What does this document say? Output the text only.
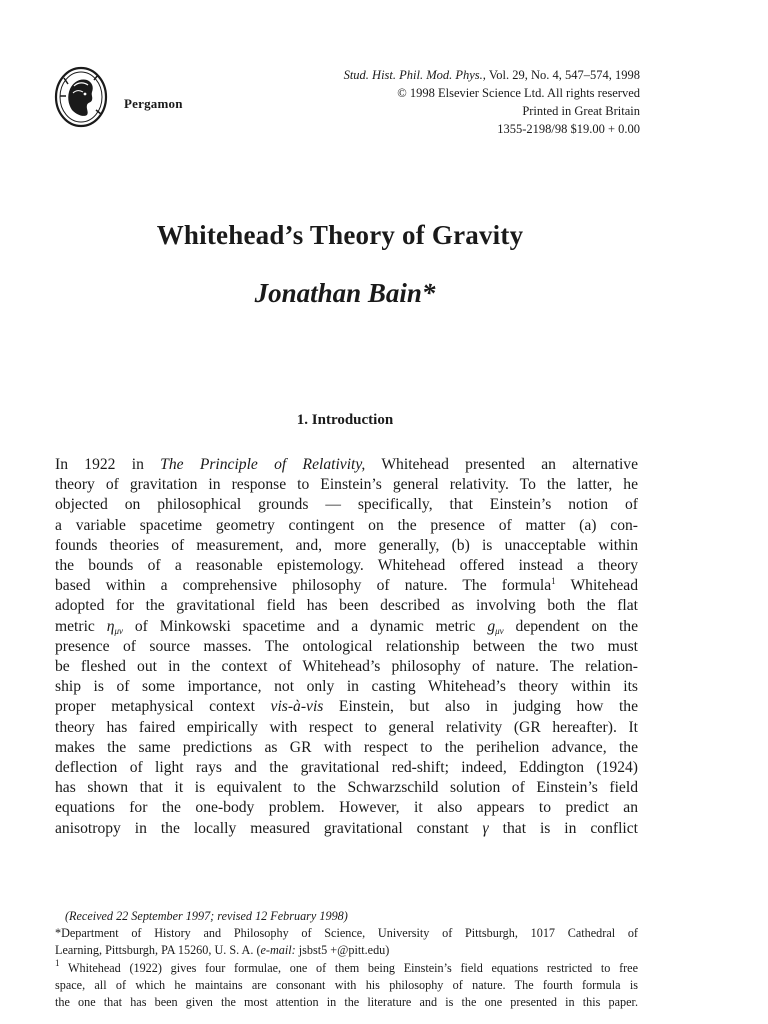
Pergamon
Stud. Hist. Phil. Mod. Phys., Vol. 29, No. 4, 547–574, 1998
© 1998 Elsevier Science Ltd. All rights reserved
Printed in Great Britain
1355-2198/98 $19.00 + 0.00
Whitehead’s Theory of Gravity
Jonathan Bain*
1. Introduction
In 1922 in The Principle of Relativity, Whitehead presented an alternative
theory of gravitation in response to Einstein’s general relativity. To the latter, he
objected on philosophical grounds — specifically, that Einstein’s notion of
a variable spacetime geometry contingent on the presence of matter (a) con-
founds theories of measurement, and, more generally, (b) is unacceptable within
the bounds of a reasonable epistemology. Whitehead offered instead a theory
based within a comprehensive philosophy of nature. The formula$^1$ Whitehead
adopted for the gravitational field has been described as involving both the flat
metric $\eta_{\mu\nu}$ of Minkowski spacetime and a dynamic metric $g_{\mu\nu}$ dependent on the
presence of source masses. The ontological relationship between the two must
be fleshed out in the context of Whitehead’s philosophy of nature. The relation-
ship is of some importance, not only in casting Whitehead’s theory within its
proper metaphysical context vis-à-vis Einstein, but also in judging how the
theory has faired empirically with respect to general relativity (GR hereafter). It
makes the same predictions as GR with respect to the perihelion advance, the
deflection of light rays and the gravitational red-shift; indeed, Eddington (1924)
has shown that it is equivalent to the Schwarzschild solution of Einstein’s field
equations for the one-body problem. However, it also appears to predict an
anisotropy in the locally measured gravitational constant γ that is in conflict
(Received 22 September 1997; revised 12 February 1998)
*Department of History and Philosophy of Science, University of Pittsburgh, 1017 Cathedral of
Learning, Pittsburgh, PA 15260, U. S. A. (e-mail: jsbst5 +@pitt.edu)
$^1$ Whitehead (1922) gives four formulae, one of them being Einstein’s field equations restricted to free
space, all of which he maintains are consonant with his philosophy of nature. The fourth formula is
the one that has been given the most attention in the literature and is the one presented in this paper.
